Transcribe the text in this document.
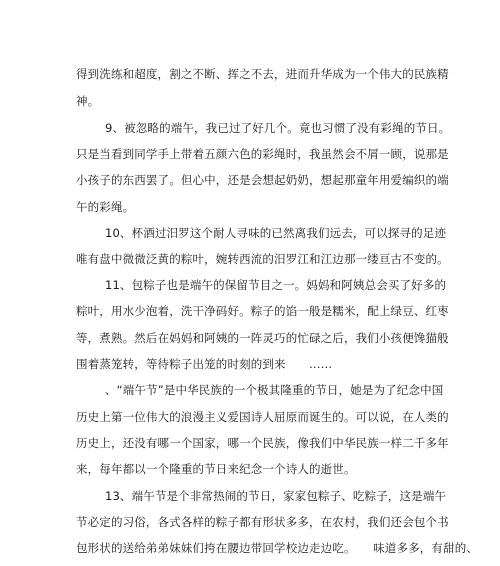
得到洗练和超度，割之不断、挥之不去，进而升华成为一个伟大的民族精
神。
9、被忽略的端午，我已过了好几个。竟也习惯了没有彩绳的节日。
只是当看到同学手上带着五颜六色的彩绳时，我虽然会不屑一顾，说那是
小孩子的东西罢了。但心中，还是会想起奶奶，想起那童年用爱编织的端
午的彩绳。
10、杯酒过汨罗这个耐人寻味的已然离我们远去，可以探寻的足迹
唯有盘中微微泛黄的粽叶，婉转西流的汨罗江和江边那一缕亘古不变的。
11、包粽子也是端午的保留节目之一。妈妈和阿姨总会买了好多的
粽叶，用水少泡着，洗干净码好。粽子的馅一般是糯米，配上绿豆、红枣
等，煮熟。然后在妈妈和阿姨的一阵灵巧的忙碌之后，我们小孩便馋猫般
围着蒸笼转，等待粽子出笼的时刻的到来　　……
、“端午节”是中华民族的一个极其隆重的节日，她是为了纪念中国
历史上第一位伟大的浪漫主义爱国诗人屈原而诞生的。可以说，在人类的
历史上，还没有哪一个国家，哪一个民族，像我们中华民族一样二千多年
来，每年都以一个隆重的节日来纪念一个诗人的逝世。
13、端午节是个非常热闹的节日，家家包粽子、吃粽子，这是端午
节必定的习俗，各式各样的粽子都有形状多多，在农村，我们还会包个书
包形状的送给弟弟妹妹们挎在腰边带回学校边走边吃。　　味道多多，有甜的、
